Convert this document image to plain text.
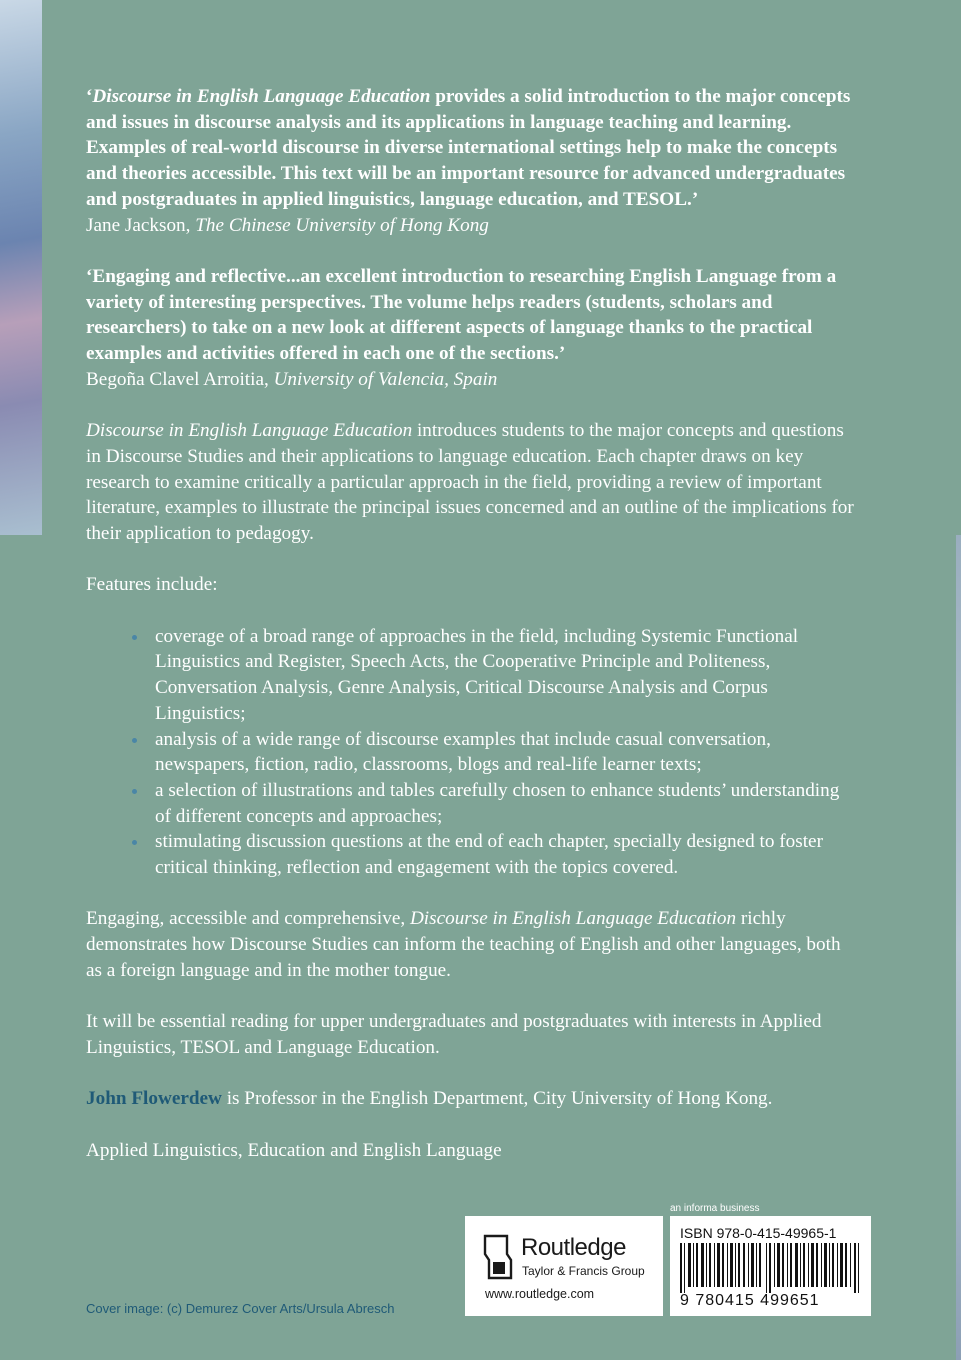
‘Discourse in English Language Education provides a solid introduction to the major concepts and issues in discourse analysis and its applications in language teaching and learning. Examples of real-world discourse in diverse international settings help to make the concepts and theories accessible. This text will be an important resource for advanced undergraduates and postgraduates in applied linguistics, language education, and TESOL.’

Jane Jackson, The Chinese University of Hong Kong

‘Engaging and reflective...an excellent introduction to researching English Language from a variety of interesting perspectives. The volume helps readers (students, scholars and researchers) to take on a new look at different aspects of language thanks to the practical examples and activities offered in each one of the sections.’

Begoña Clavel Arroitia, University of Valencia, Spain

Discourse in English Language Education introduces students to the major concepts and questions in Discourse Studies and their applications to language education. Each chapter draws on key research to examine critically a particular approach in the field, providing a review of important literature, examples to illustrate the principal issues concerned and an outline of the implications for their application to pedagogy.

Features include:

coverage of a broad range of approaches in the field, including Systemic Functional Linguistics and Register, Speech Acts, the Cooperative Principle and Politeness, Conversation Analysis, Genre Analysis, Critical Discourse Analysis and Corpus Linguistics;
analysis of a wide range of discourse examples that include casual conversation, newspapers, fiction, radio, classrooms, blogs and real-life learner texts;
a selection of illustrations and tables carefully chosen to enhance students’ understanding of different concepts and approaches;
stimulating discussion questions at the end of each chapter, specially designed to foster critical thinking, reflection and engagement with the topics covered.

Engaging, accessible and comprehensive, Discourse in English Language Education richly demonstrates how Discourse Studies can inform the teaching of English and other languages, both as a foreign language and in the mother tongue.

It will be essential reading for upper undergraduates and postgraduates with interests in Applied Linguistics, TESOL and Language Education.

John Flowerdew is Professor in the English Department, City University of Hong Kong.

Applied Linguistics, Education and English Language

Cover image: (c) Demurez Cover Arts/Ursula Abresch
Routledge
Taylor & Francis Group
www.routledge.com
an informa business
ISBN 978-0-415-49965-1
9 780415 499651
